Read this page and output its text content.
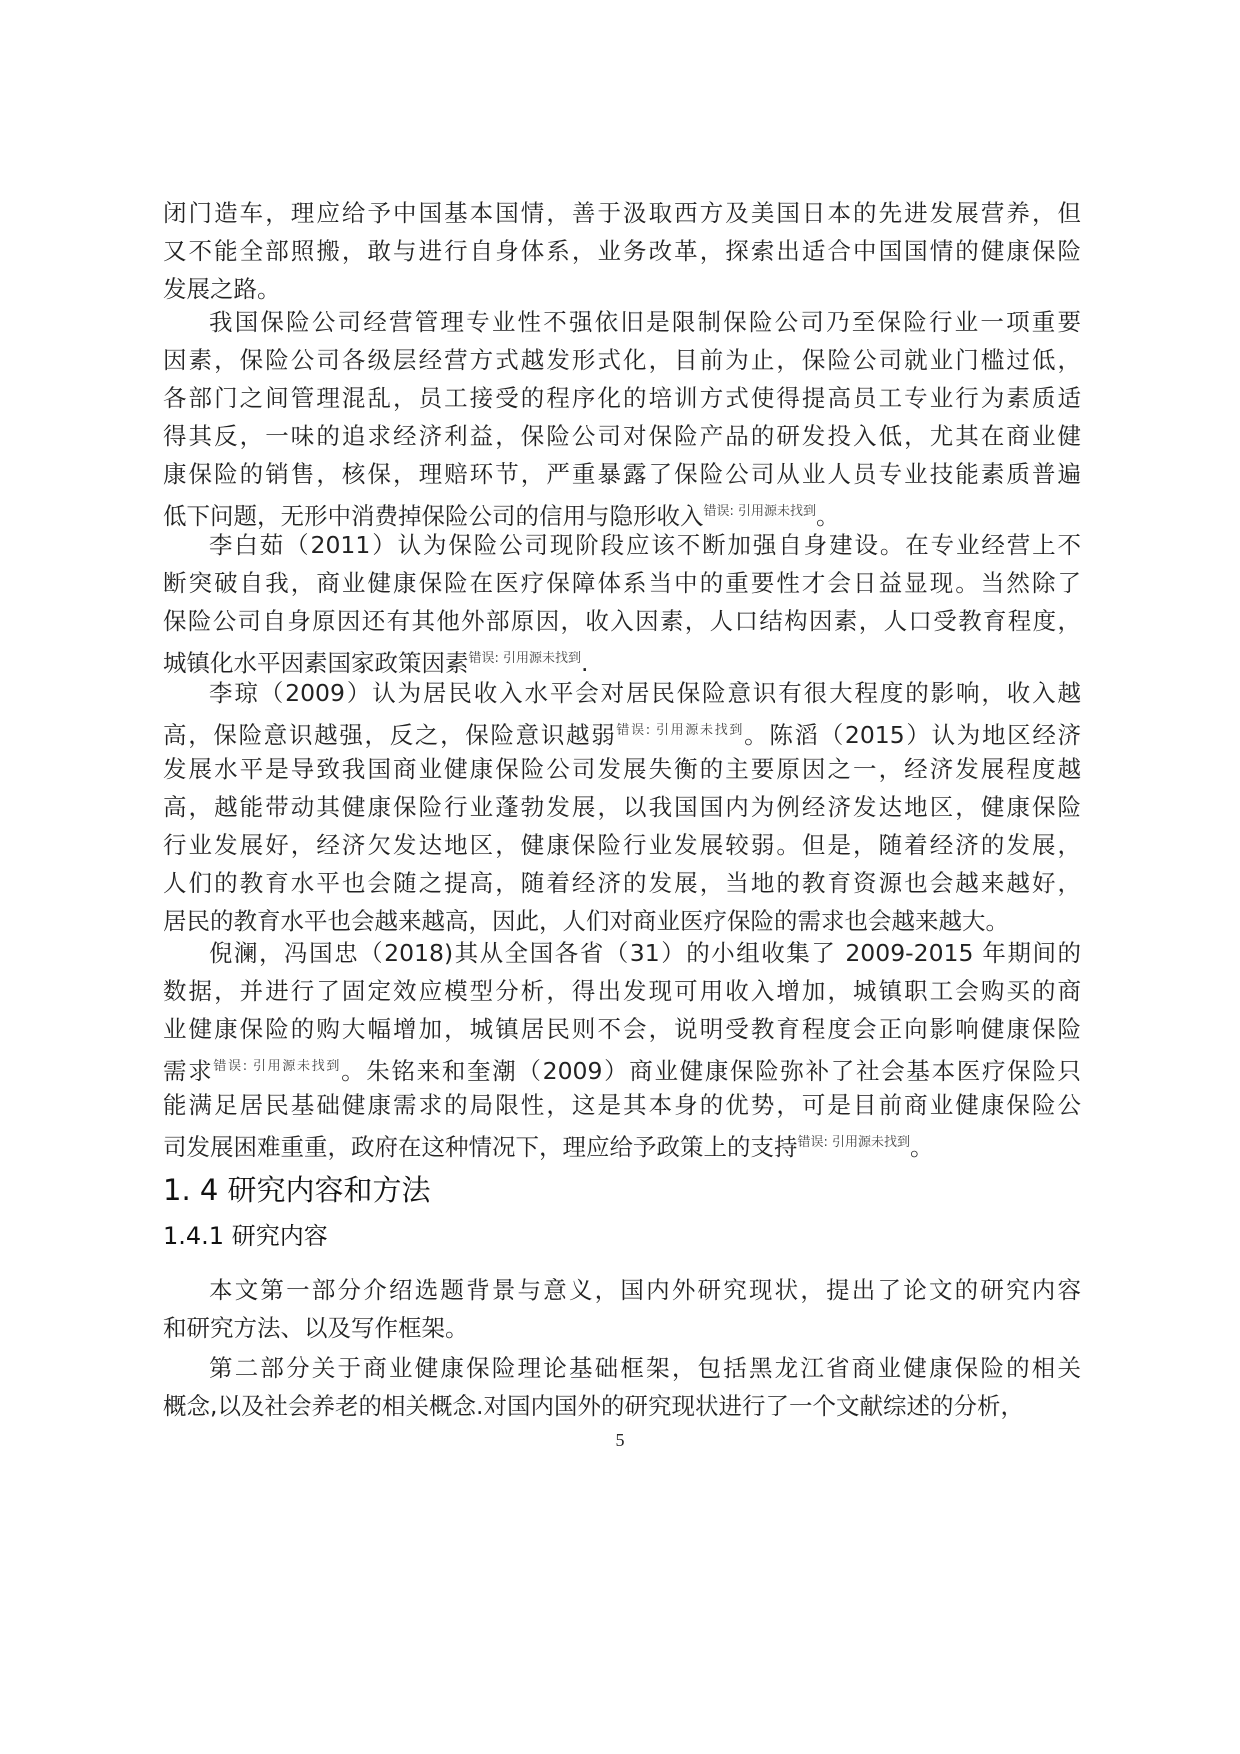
闭门造车，理应给予中国基本国情，善于汲取西方及美国日本的先进发展营养，但
又不能全部照搬，敢与进行自身体系，业务改革，探索出适合中国国情的健康保险
发展之路。
我国保险公司经营管理专业性不强依旧是限制保险公司乃至保险行业一项重要
因素，保险公司各级层经营方式越发形式化，目前为止，保险公司就业门槛过低，
各部门之间管理混乱，员工接受的程序化的培训方式使得提高员工专业行为素质适
得其反，一味的追求经济利益，保险公司对保险产品的研发投入低，尤其在商业健
康保险的销售，核保，理赔环节，严重暴露了保险公司从业人员专业技能素质普遍
低下问题，无形中消费掉保险公司的信用与隐形收入$^{错误: 引用源未找到}$。
李白茹（2011）认为保险公司现阶段应该不断加强自身建设。在专业经营上不
断突破自我，商业健康保险在医疗保障体系当中的重要性才会日益显现。当然除了
保险公司自身原因还有其他外部原因，收入因素，人口结构因素，人口受教育程度，
城镇化水平因素国家政策因素$^{错误: 引用源未找到}$.
李琼（2009）认为居民收入水平会对居民保险意识有很大程度的影响，收入越
高，保险意识越强，反之，保险意识越弱$^{错误: 引用源未找到}$。陈滔（2015）认为地区经济
发展水平是导致我国商业健康保险公司发展失衡的主要原因之一，经济发展程度越
高，越能带动其健康保险行业蓬勃发展，以我国国内为例经济发达地区，健康保险
行业发展好，经济欠发达地区，健康保险行业发展较弱。但是，随着经济的发展，
人们的教育水平也会随之提高，随着经济的发展，当地的教育资源也会越来越好，
居民的教育水平也会越来越高，因此，人们对商业医疗保险的需求也会越来越大。
倪澜，冯国忠（2018)其从全国各省（31）的小组收集了 2009-2015 年期间的
数据，并进行了固定效应模型分析，得出发现可用收入增加，城镇职工会购买的商
业健康保险的购大幅增加，城镇居民则不会，说明受教育程度会正向影响健康保险
需求$^{错误: 引用源未找到}$。朱铭来和奎潮（2009）商业健康保险弥补了社会基本医疗保险只
能满足居民基础健康需求的局限性，这是其本身的优势，可是目前商业健康保险公
司发展困难重重，政府在这种情况下，理应给予政策上的支持$^{错误: 引用源未找到}$。
1. 4 研究内容和方法
1.4.1 研究内容
本文第一部分介绍选题背景与意义，国内外研究现状，提出了论文的研究内容
和研究方法、以及写作框架。
第二部分关于商业健康保险理论基础框架，包括黑龙江省商业健康保险的相关
概念,以及社会养老的相关概念.对国内国外的研究现状进行了一个文献综述的分析，
5
